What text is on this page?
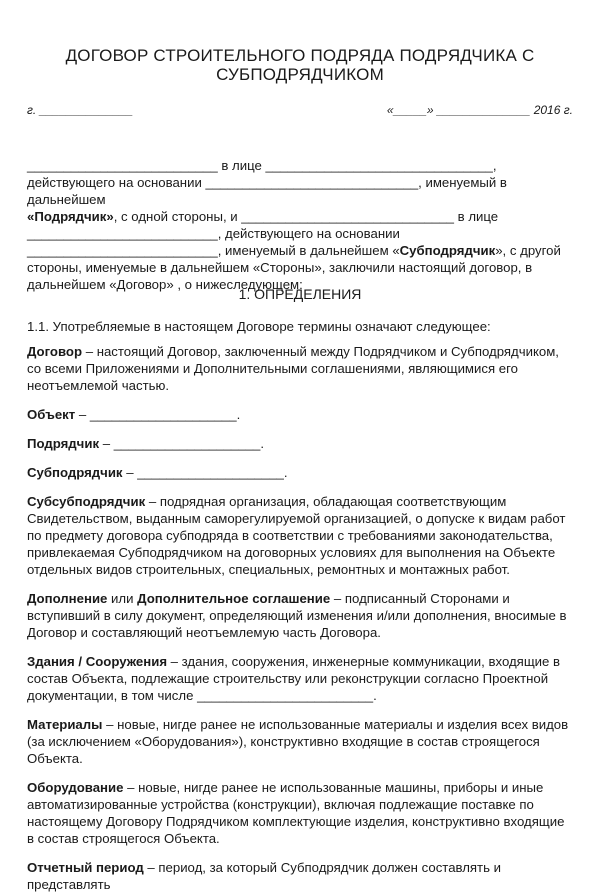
ДОГОВОР СТРОИТЕЛЬНОГО ПОДРЯДА ПОДРЯДЧИКА С СУБПОДРЯДЧИКОМ
г. ______________	«_____» ______________ 2016 г.

__________________________ в лице _______________________________,

действующего на основании _____________________________, именуемый в дальнейшем

«Подрядчик», с одной стороны, и _____________________________ в лице

__________________________, действующего на основании

__________________________, именуемый в дальнейшем «Субподрядчик», с другой

стороны, именуемые в дальнейшем «Стороны», заключили настоящий договор, в

дальнейшем «Договор» , о нижеследующем:

1. ОПРЕДЕЛЕНИЯ

1.1. Употребляемые в настоящем Договоре термины означают следующее:

Договор – настоящий Договор, заключенный между Подрядчиком и Субподрядчиком, со всеми Приложениями и Дополнительными соглашениями, являющимися его неотъемлемой частью.

Объект – ____________________.

Подрядчик – ____________________.

Субподрядчик – ____________________.

Субсубподрядчик – подрядная организация, обладающая соответствующим Свидетельством, выданным саморегулируемой организацией, о допуске к видам работ по предмету договора субподряда в соответствии с требованиями законодательства, привлекаемая Субподрядчиком на договорных условиях для выполнения на Объекте отдельных видов строительных, специальных, ремонтных и монтажных работ.

Дополнение или Дополнительное соглашение – подписанный Сторонами и вступивший в силу документ, определяющий изменения и/или дополнения, вносимые в Договор и составляющий неотъемлемую часть Договора.

Здания / Сооружения – здания, сооружения, инженерные коммуникации, входящие в состав Объекта, подлежащие строительству или реконструкции согласно Проектной документации, в том числе ________________________.

Материалы – новые, нигде ранее не использованные материалы и изделия всех видов (за исключением «Оборудования»), конструктивно входящие в состав строящегося Объекта.

Оборудование – новые, нигде ранее не использованные машины, приборы и иные автоматизированные устройства (конструкции), включая подлежащие поставке по настоящему Договору Подрядчиком комплектующие изделия, конструктивно входящие в состав строящегося Объекта.

Отчетный период – период, за который Субподрядчик должен составлять и представлять
